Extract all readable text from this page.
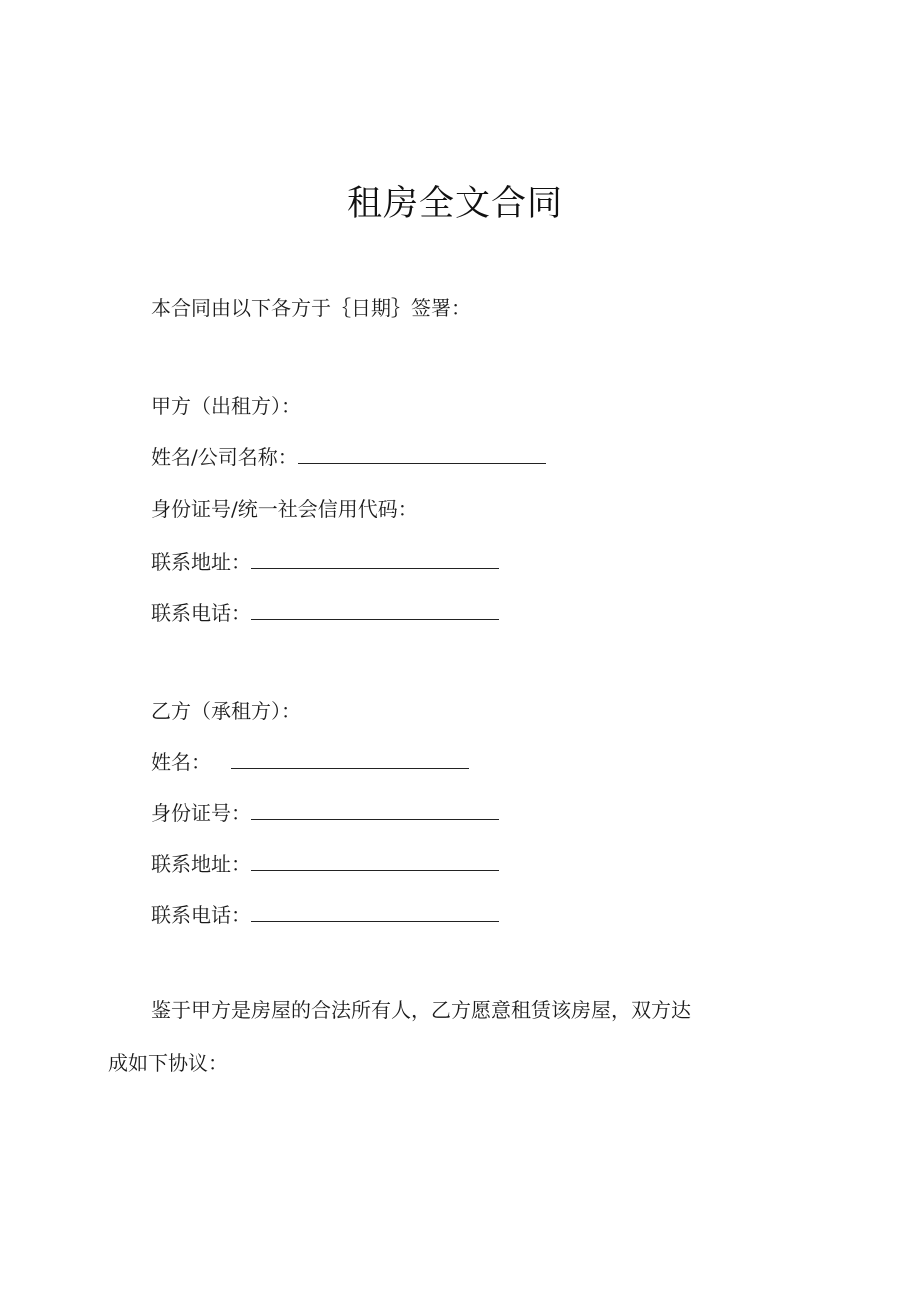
租房全文合同
本合同由以下各方于｛日期｝签署：
甲方（出租方）：
姓名/公司名称：
身份证号/统一社会信用代码：
联系地址：
联系电话：
乙方（承租方）：
姓名：
身份证号：
联系地址：
联系电话：
鉴于甲方是房屋的合法所有人，乙方愿意租赁该房屋，双方达
成如下协议：
